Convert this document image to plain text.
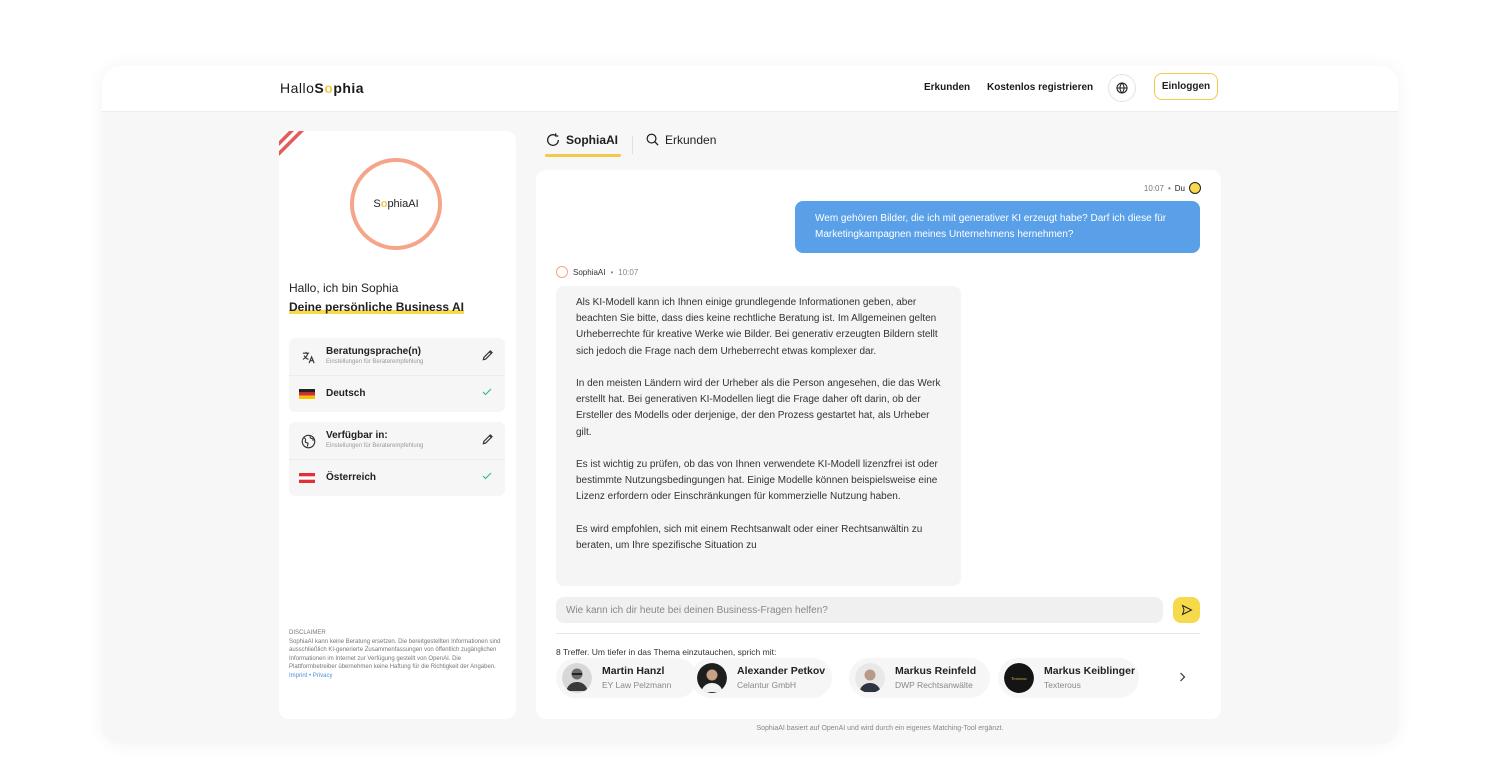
HalloSophia	Erkunden Kostenlos registrieren	Einloggen
S o phiaAI
Hallo, ich bin Sophia
Deine persönliche Business AI
Beratungsprache(n)
Einstellungen für Beraterempfehlung
Deutsch
Verfügbar in:
Einstellungen für Beraterempfehlung
Österreich
DISCLAIMER
SophiaAI kann keine Beratung ersetzen. Die bereitgestellten Informationen sind ausschließlich KI-generierte Zusammenfassungen von öffentlich zugänglichen Informationen im Internet zur Verfügung gestellt von OpenAI. Die Plattformbetreiber übernehmen keine Haftung für die Richtigkeit der Angaben.
Imprint • Privacy
SophiaAI	Erkunden
10:07 • Du
Wem gehören Bilder, die ich mit generativer KI erzeugt habe? Darf ich diese für Marketingkampagnen meines Unternehmens hernehmen?
SophiaAI • 10:07

Als KI-Modell kann ich Ihnen einige grundlegende Informationen geben, aber beachten Sie bitte, dass dies keine rechtliche Beratung ist. Im Allgemeinen gelten Urheberrechte für kreative Werke wie Bilder. Bei generativ erzeugten Bildern stellt sich jedoch die Frage nach dem Urheberrecht etwas komplexer dar.

In den meisten Ländern wird der Urheber als die Person angesehen, die das Werk erstellt hat. Bei generativen KI-Modellen liegt die Frage daher oft darin, ob der Ersteller des Modells oder derjenige, der den Prozess gestartet hat, als Urheber gilt.

Es ist wichtig zu prüfen, ob das von Ihnen verwendete KI-Modell lizenzfrei ist oder bestimmte Nutzungsbedingungen hat. Einige Modelle können beispielsweise eine Lizenz erfordern oder Einschränkungen für kommerzielle Nutzung haben.

Es wird empfohlen, sich mit einem Rechtsanwalt oder einer Rechtsanwältin zu beraten, um Ihre spezifische Situation zu

Wie kann ich dir heute bei deinen Business-Fragen helfen?
8 Treffer. Um tiefer in das Thema einzutauchen, sprich mit:
Martin Hanzl
EY Law Pelzmann
Alexander Petkov
Celantur GmbH
Markus Reinfeld
DWP Rechtsanwälte
Texterous
Markus Keiblinger
Texterous
SophiaAI basiert auf OpenAI und wird durch ein eigenes Matching-Tool ergänzt.
